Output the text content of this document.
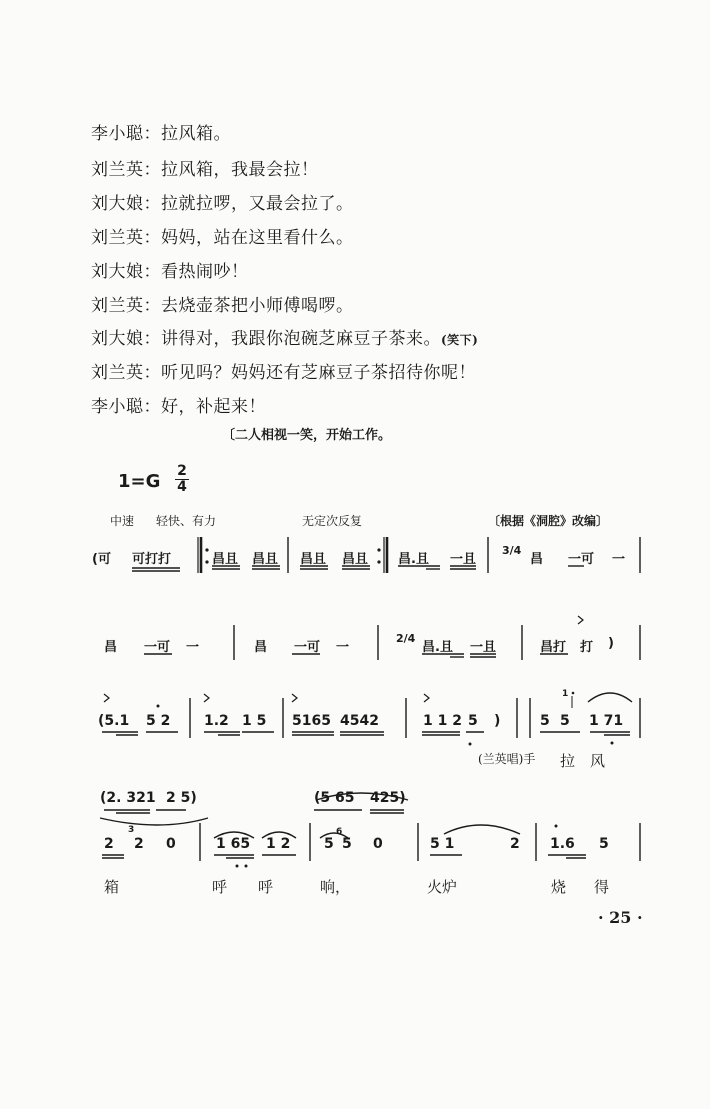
李小聪：拉风箱。
刘兰英：拉风箱，我最会拉！
刘大娘：拉就拉啰，又最会拉了。
刘兰英：妈妈，站在这里看什么。
刘大娘：看热闹吵！
刘兰英：去烧壶茶把小师傅喝啰。
刘大娘：讲得对，我跟你泡碗芝麻豆子茶来。(笑下)
刘兰英：听见吗？妈妈还有芝麻豆子茶招待你呢！
李小聪：好，补起来！
〔二人相视一笑，开始工作。
1=G 2
4
中速 轻快、有力	无定次反复	〔根据《洞腔》改编〕
(可 可打打	昌且 昌且 昌且 昌且 昌.且 一且
3/4
昌 一可 一
昌 一可 一	昌 一可 一
2/4
昌.且 一且	昌打 打 )
(5.1 5 2 1.2 1 5 5165 4542	1 1 2 5 )	5 5 1 71
(兰英唱)手 拉 风
(2. 321 2 5)	(5 65 425)
2 2 0	1 65 1 2 5 5 0	5 1	2 1.6 5
箱	呼 呼	响，	火炉	烧 得
· 25 ·
3	6
1
